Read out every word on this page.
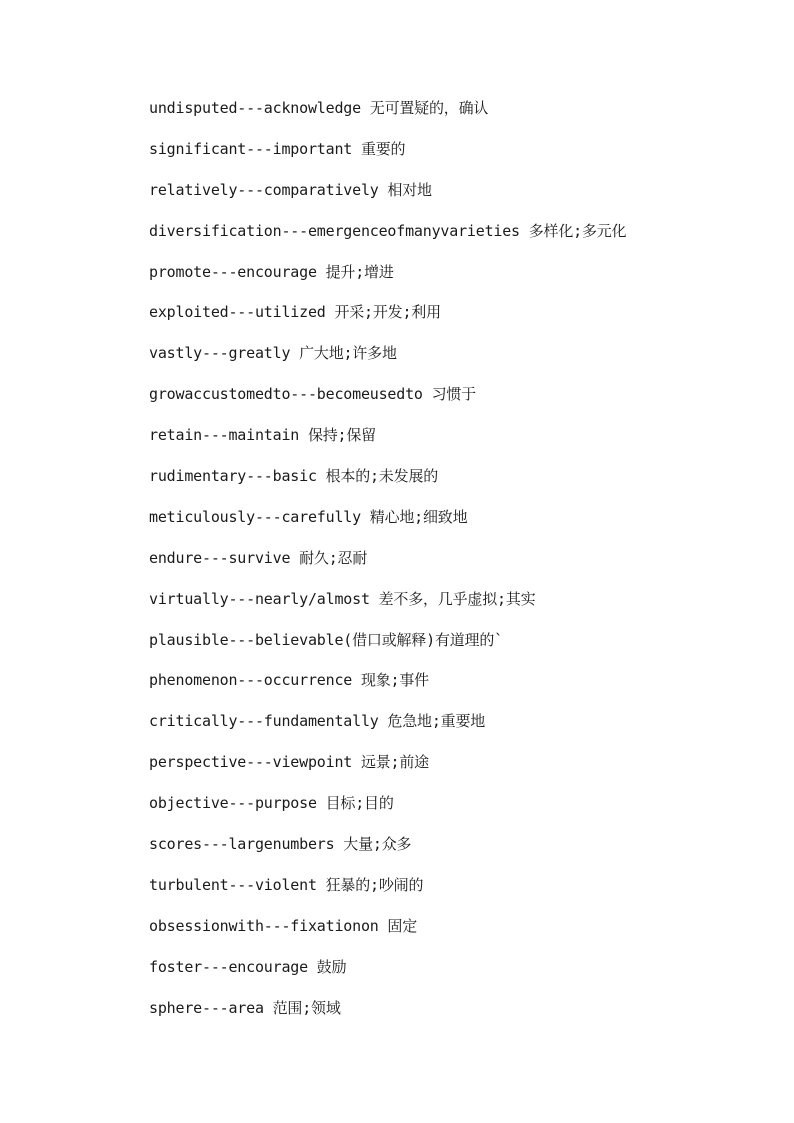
undisputed---acknowledge 无可置疑的，确认
significant---important 重要的
relatively---comparatively 相对地
diversification---emergenceofmanyvarieties 多样化;多元化
promote---encourage 提升;增进
exploited---utilized 开采;开发;利用
vastly---greatly 广大地;许多地
growaccustomedto---becomeusedto 习惯于
retain---maintain 保持;保留
rudimentary---basic 根本的;未发展的
meticulously---carefully 精心地;细致地
endure---survive 耐久;忍耐
virtually---nearly/almost 差不多，几乎虚拟;其实
plausible---believable(借口或解释)有道理的`
phenomenon---occurrence 现象;事件
critically---fundamentally 危急地;重要地
perspective---viewpoint 远景;前途
objective---purpose 目标;目的
scores---largenumbers 大量;众多
turbulent---violent 狂暴的;吵闹的
obsessionwith---fixationon 固定
foster---encourage 鼓励
sphere---area 范围;领域
